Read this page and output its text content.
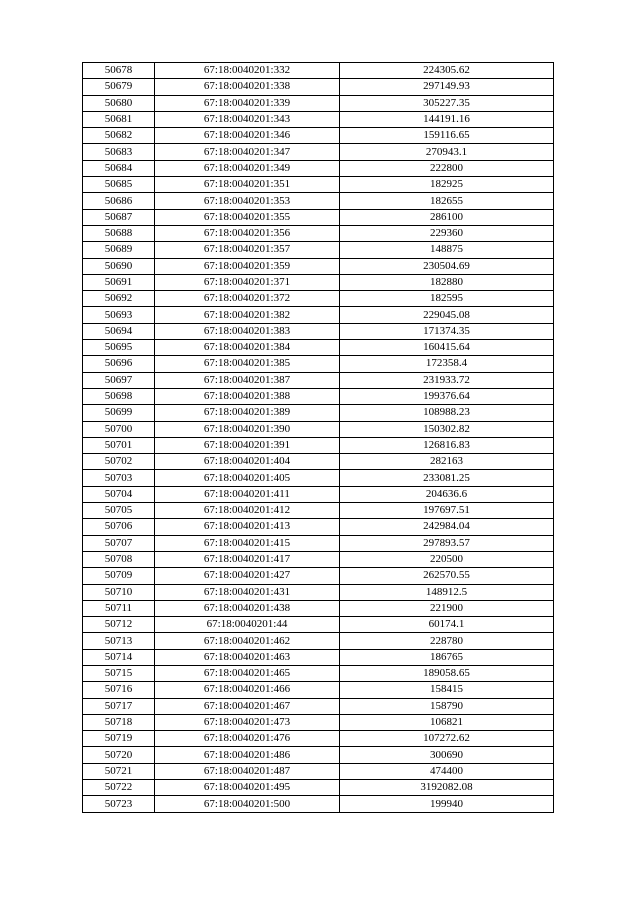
50678	67:18:0040201:332	224305.62
50679	67:18:0040201:338	297149.93
50680	67:18:0040201:339	305227.35
50681	67:18:0040201:343	144191.16
50682	67:18:0040201:346	159116.65
50683	67:18:0040201:347	270943.1
50684	67:18:0040201:349	222800
50685	67:18:0040201:351	182925
50686	67:18:0040201:353	182655
50687	67:18:0040201:355	286100
50688	67:18:0040201:356	229360
50689	67:18:0040201:357	148875
50690	67:18:0040201:359	230504.69
50691	67:18:0040201:371	182880
50692	67:18:0040201:372	182595
50693	67:18:0040201:382	229045.08
50694	67:18:0040201:383	171374.35
50695	67:18:0040201:384	160415.64
50696	67:18:0040201:385	172358.4
50697	67:18:0040201:387	231933.72
50698	67:18:0040201:388	199376.64
50699	67:18:0040201:389	108988.23
50700	67:18:0040201:390	150302.82
50701	67:18:0040201:391	126816.83
50702	67:18:0040201:404	282163
50703	67:18:0040201:405	233081.25
50704	67:18:0040201:411	204636.6
50705	67:18:0040201:412	197697.51
50706	67:18:0040201:413	242984.04
50707	67:18:0040201:415	297893.57
50708	67:18:0040201:417	220500
50709	67:18:0040201:427	262570.55
50710	67:18:0040201:431	148912.5
50711	67:18:0040201:438	221900
50712	67:18:0040201:44	60174.1
50713	67:18:0040201:462	228780
50714	67:18:0040201:463	186765
50715	67:18:0040201:465	189058.65
50716	67:18:0040201:466	158415
50717	67:18:0040201:467	158790
50718	67:18:0040201:473	106821
50719	67:18:0040201:476	107272.62
50720	67:18:0040201:486	300690
50721	67:18:0040201:487	474400
50722	67:18:0040201:495	3192082.08
50723	67:18:0040201:500	199940
